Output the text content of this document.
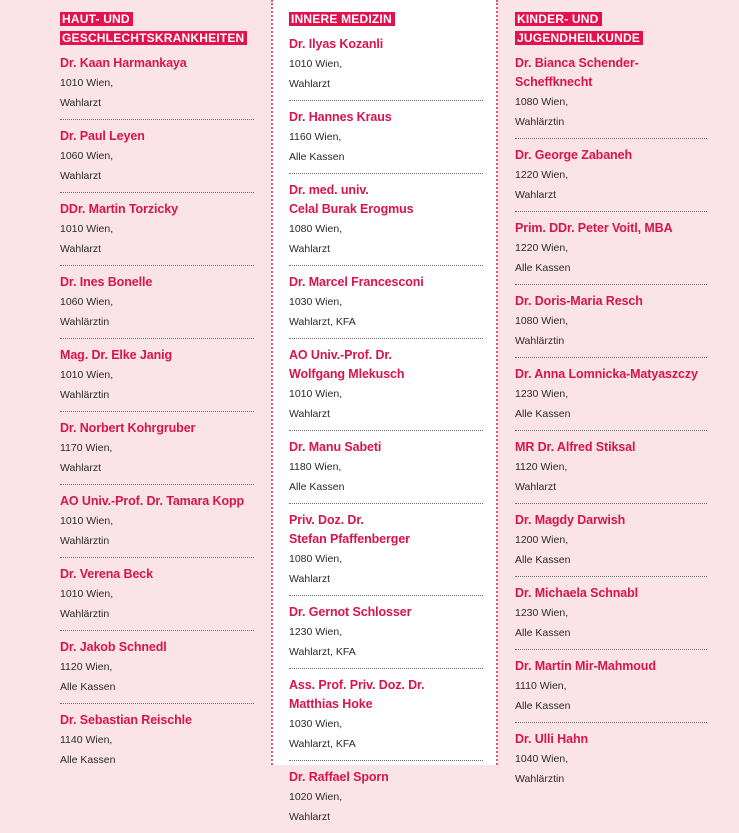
HAUT- UND
GESCHLECHTSKRANKHEITEN

Dr. Kaan Harmankaya
1010 Wien,
Wahlarzt
Dr. Paul Leyen
1060 Wien,
Wahlarzt
DDr. Martin Torzicky
1010 Wien,
Wahlarzt
Dr. Ines Bonelle
1060 Wien,
Wahlärztin
Mag. Dr. Elke Janig
1010 Wien,
Wahlärztin
Dr. Norbert Kohrgruber
1170 Wien,
Wahlarzt
AO Univ.-Prof. Dr. Tamara Kopp
1010 Wien,
Wahlärztin
Dr. Verena Beck
1010 Wien,
Wahlärztin
Dr. Jakob Schnedl
1120 Wien,
Alle Kassen
Dr. Sebastian Reischle
1140 Wien,
Alle Kassen
INNERE MEDIZIN

Dr. Ilyas Kozanli
1010 Wien,
Wahlarzt
Dr. Hannes Kraus
1160 Wien,
Alle Kassen
Dr. med. univ.
Celal Burak Erogmus
1080 Wien,
Wahlarzt
Dr. Marcel Francesconi
1030 Wien,
Wahlarzt, KFA
AO Univ.-Prof. Dr.
Wolfgang Mlekusch
1010 Wien,
Wahlarzt
Dr. Manu Sabeti
1180 Wien,
Alle Kassen
Priv. Doz. Dr.
Stefan Pfaffenberger
1080 Wien,
Wahlarzt
Dr. Gernot Schlosser
1230 Wien,
Wahlarzt, KFA
Ass. Prof. Priv. Doz. Dr.
Matthias Hoke
1030 Wien,
Wahlarzt, KFA
Dr. Raffael Sporn
1020 Wien,
Wahlarzt
KINDER- UND
JUGENDHEILKUNDE

Dr. Bianca Schender-Scheffknecht
1080 Wien,
Wahlärztin
Dr. George Zabaneh
1220 Wien,
Wahlarzt
Prim. DDr. Peter Voitl, MBA
1220 Wien,
Alle Kassen
Dr. Doris-Maria Resch
1080 Wien,
Wahlärztin
Dr. Anna Lomnicka-Matyaszczy
1230 Wien,
Alle Kassen
MR Dr. Alfred Stiksal
1120 Wien,
Wahlarzt
Dr. Magdy Darwish
1200 Wien,
Alle Kassen
Dr. Michaela Schnabl
1230 Wien,
Alle Kassen
Dr. Martin Mir-Mahmoud
1110 Wien,
Alle Kassen
Dr. Ulli Hahn
1040 Wien,
Wahlärztin
